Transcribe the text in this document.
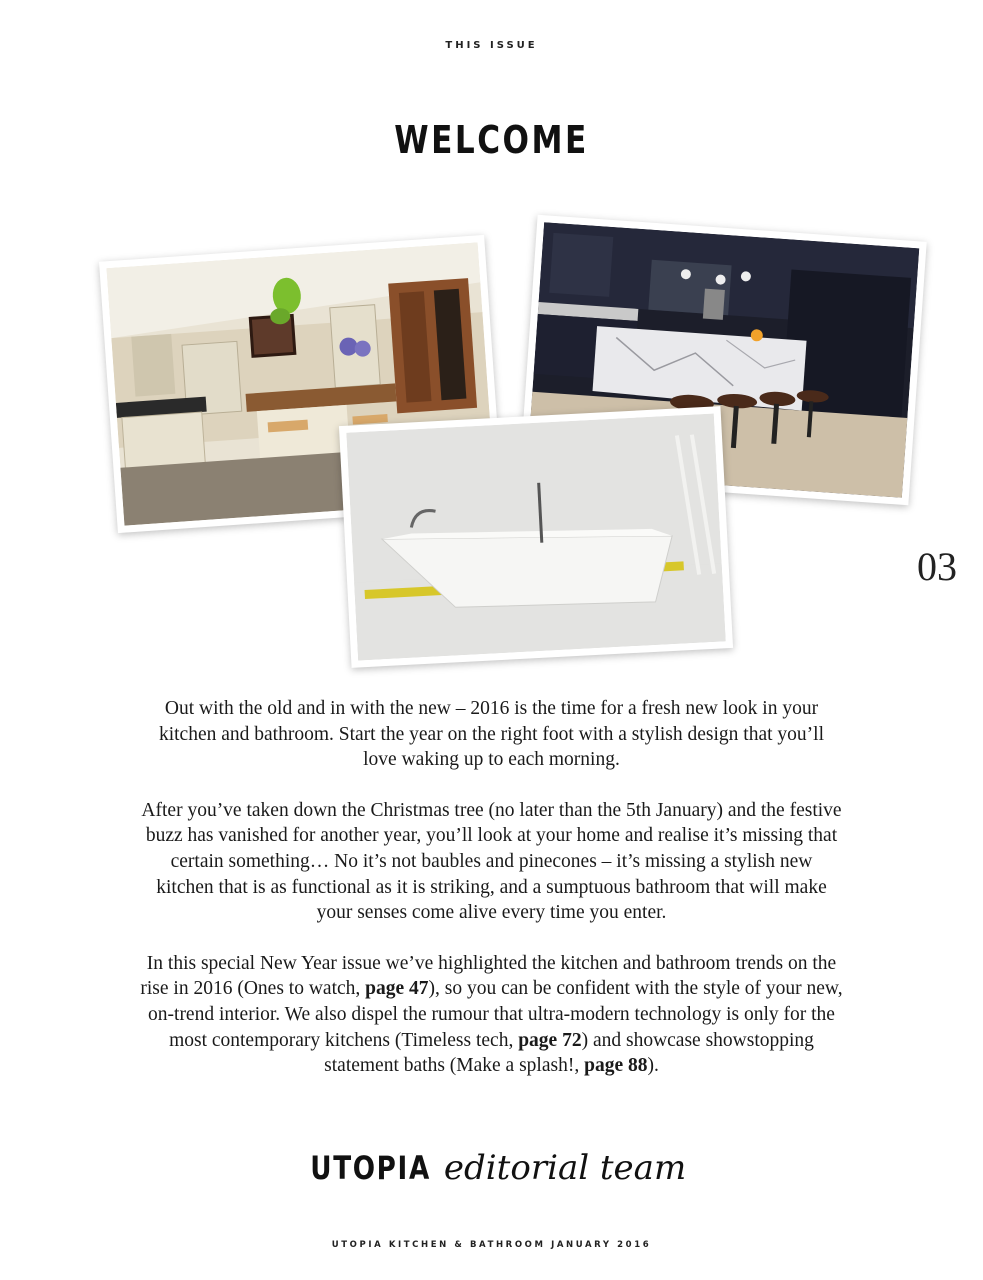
THIS ISSUE
WELCOME
03

Out with the old and in with the new – 2016 is the time for a fresh new look in your kitchen and bathroom. Start the year on the right foot with a stylish design that you’ll love waking up to each morning.

After you’ve taken down the Christmas tree (no later than the 5th January) and the festive buzz has vanished for another year, you’ll look at your home and realise it’s missing that certain something… No it’s not baubles and pinecones – it’s missing a stylish new kitchen that is as functional as it is striking, and a sumptuous bathroom that will make your senses come alive every time you enter.

In this special New Year issue we’ve highlighted the kitchen and bathroom trends on the rise in 2016 (Ones to watch, page 47), so you can be confident with the style of your new, on-trend interior. We also dispel the rumour that ultra-modern technology is only for the most contemporary kitchens (Timeless tech, page 72) and showcase showstopping statement baths (Make a splash!, page 88).

UTOPIA editorial team
UTOPIA KITCHEN & BATHROOM JANUARY 2016
